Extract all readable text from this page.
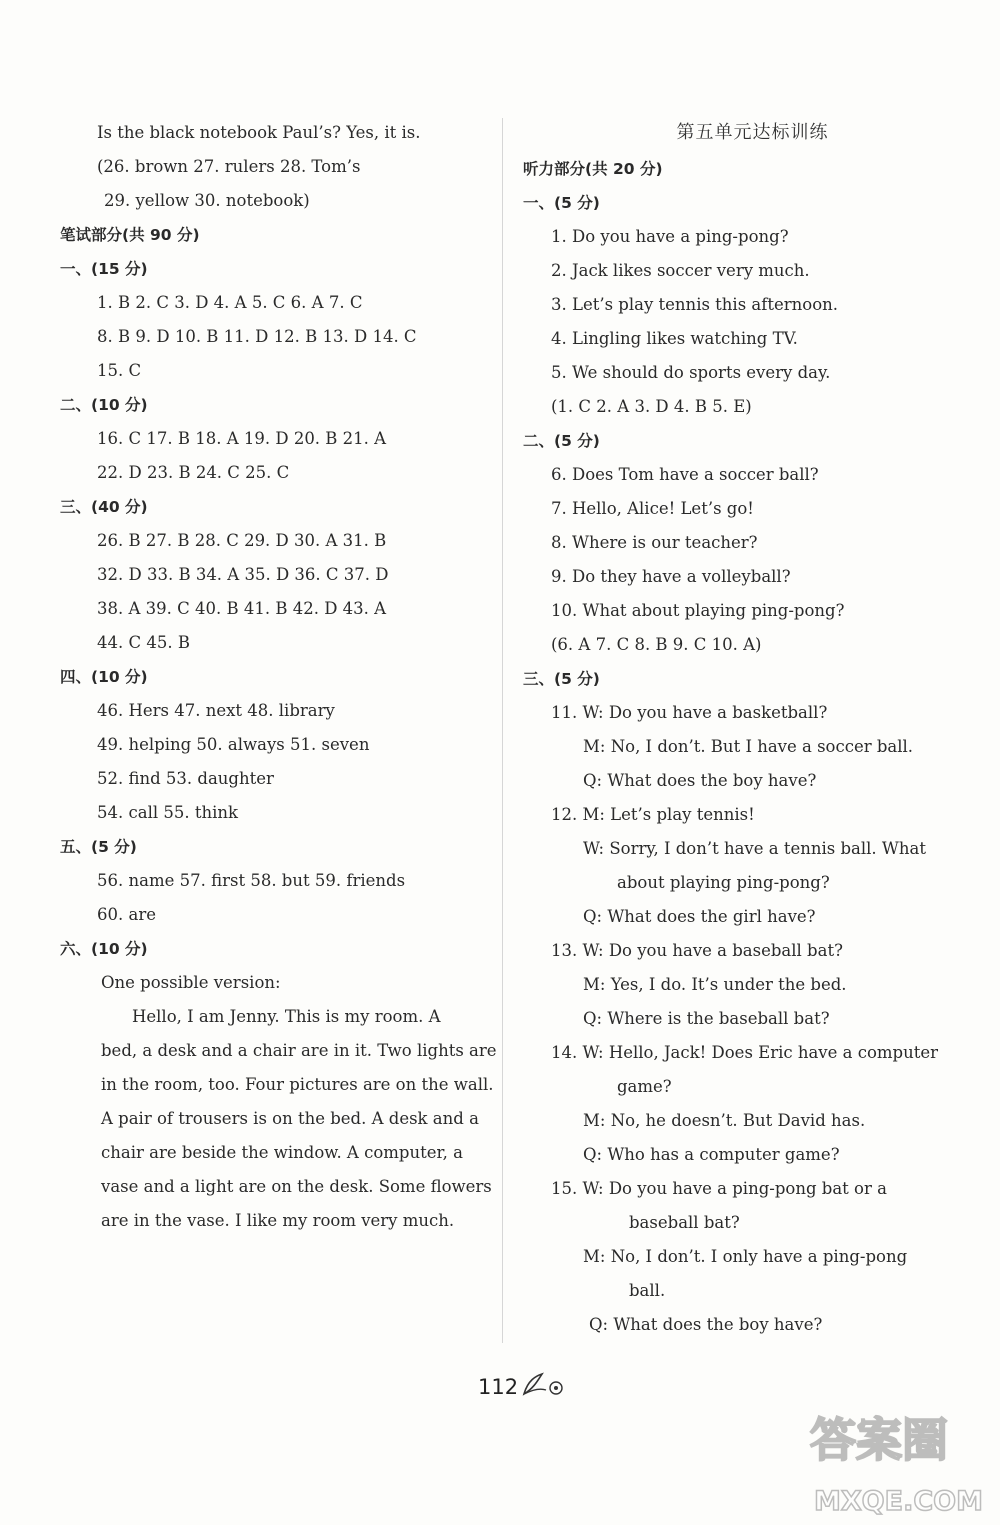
Is the black notebook Paul’s? Yes, it is.
(26. brown 27. rulers 28. Tom’s
29. yellow 30. notebook)
笔试部分(共 90 分)
一、(15 分)
1. B 2. C 3. D 4. A 5. C 6. A 7. C
8. B 9. D 10. B 11. D 12. B 13. D 14. C
15. C
二、(10 分)
16. C 17. B 18. A 19. D 20. B 21. A
22. D 23. B 24. C 25. C
三、(40 分)
26. B 27. B 28. C 29. D 30. A 31. B
32. D 33. B 34. A 35. D 36. C 37. D
38. A 39. C 40. B 41. B 42. D 43. A
44. C 45. B
四、(10 分)
46. Hers 47. next 48. library
49. helping 50. always 51. seven
52. find 53. daughter
54. call 55. think
五、(5 分)
56. name 57. first 58. but 59. friends
60. are
六、(10 分)
One possible version:
Hello, I am Jenny. This is my room. A
bed, a desk and a chair are in it. Two lights are
in the room, too. Four pictures are on the wall.
A pair of trousers is on the bed. A desk and a
chair are beside the window. A computer, a
vase and a light are on the desk. Some flowers
are in the vase. I like my room very much.
第五单元达标训练
听力部分(共 20 分)
一、(5 分)
1. Do you have a ping-pong?
2. Jack likes soccer very much.
3. Let’s play tennis this afternoon.
4. Lingling likes watching TV.
5. We should do sports every day.
(1. C 2. A 3. D 4. B 5. E)
二、(5 分)
6. Does Tom have a soccer ball?
7. Hello, Alice! Let’s go!
8. Where is our teacher?
9. Do they have a volleyball?
10. What about playing ping-pong?
(6. A 7. C 8. B 9. C 10. A)
三、(5 分)
11. W: Do you have a basketball?
M: No, I don’t. But I have a soccer ball.
Q: What does the boy have?
12. M: Let’s play tennis!
W: Sorry, I don’t have a tennis ball. What
about playing ping-pong?
Q: What does the girl have?
13. W: Do you have a baseball bat?
M: Yes, I do. It’s under the bed.
Q: Where is the baseball bat?
14. W: Hello, Jack! Does Eric have a computer
game?
M: No, he doesn’t. But David has.
Q: Who has a computer game?
15. W: Do you have a ping-pong bat or a
baseball bat?
M: No, I don’t. I only have a ping-pong
ball.
Q: What does the boy have?
112
答案圈
MXQE.COM
